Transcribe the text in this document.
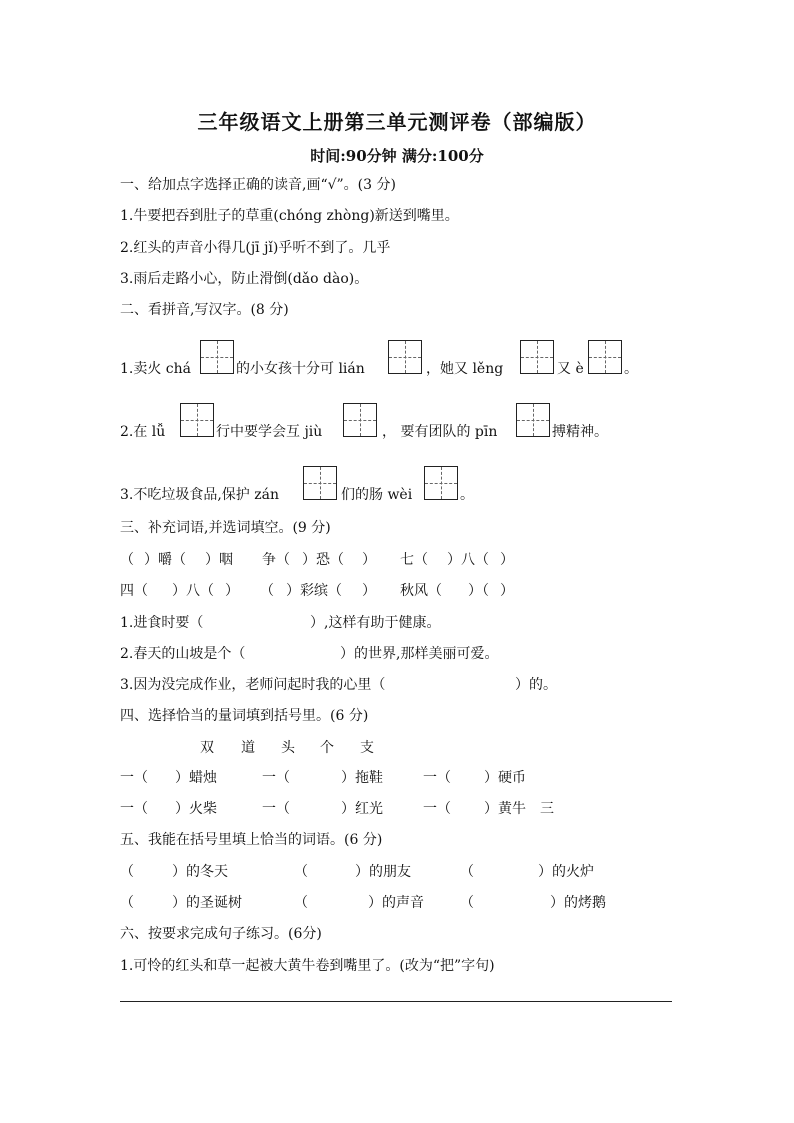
三年级语文上册第三单元测评卷（部编版）
时间:90分钟 满分:100分
一、给加点字选择正确的读音,画“√”。(3 分)
1.牛要把吞到肚子的草重(chóng zhòng)新送到嘴里。
2.红头的声音小得几(jī jǐ)乎听不到了。几乎
3.雨后走路小心，防止滑倒(dǎo dào)。
二、看拼音,写汉字。(8 分)
1.卖火 chá	的小女孩十分可 lián	，她又 lěng	又 è	。
2.在 lǚ	行中要学会互 jiù	， 要有团队的 pīn	搏精神。
3.不吃垃圾食品,保护 zán	们的肠 wèi	。
三、补充词语,并选词填空。(9 分)
（ ）嚼（ ）咽 争（ ）恐（ ） 七（ ）八（ ）
四（ ）八（ ） （ ）彩缤（ ） 秋风（ ）（ ）
1.进食时要（	）,这样有助于健康。
2.春天的山坡是个（	）的世界,那样美丽可爱。
3.因为没完成作业，老师问起时我的心里（	）的。
四、选择恰当的量词填到括号里。(6 分)
双 道 头 个 支
一（ ）蜡烛	一（	）拖鞋	一（ ）硬币
一（ ）火柴	一（	）红光	一（ ）黄牛 三
五、我能在括号里填上恰当的词语。(6 分)
（	）的冬天	（	）的朋友	（	）的火炉
（	）的圣诞树	（	）的声音	（	）的烤鹅
六、按要求完成句子练习。(6分)
1.可怜的红头和草一起被大黄牛卷到嘴里了。(改为“把”字句)
